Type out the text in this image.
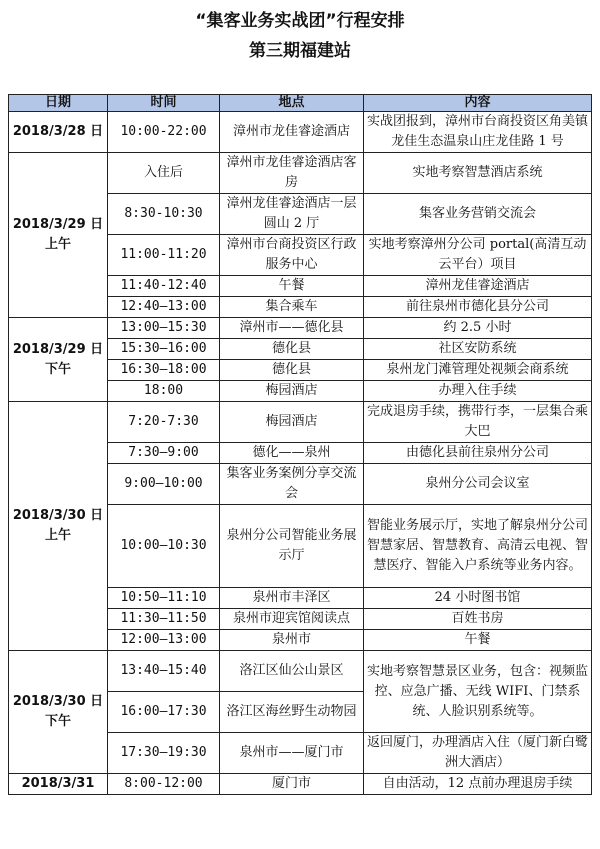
“集客业务实战团”行程安排
第三期福建站
日期	时间	地点	内容
2018/3/28 日	10:00-22:00	漳州市龙佳睿途酒店	实战团报到，漳州市台商投资区角美镇龙佳生态温泉山庄龙佳路 1 号
2018/3/29 日
上午	入住后	漳州市龙佳睿途酒店客房	实地考察智慧酒店系统
	8:30-10:30	漳州龙佳睿途酒店一层圆山 2 厅	集客业务营销交流会
	11:00-11:20	漳州市台商投资区行政服务中心	实地考察漳州分公司 portal(高清互动云平台）项目
	11:40-12:40	午餐	漳州龙佳睿途酒店
	12:40—13:00	集合乘车	前往泉州市德化县分公司
2018/3/29 日
下午	13:00—15:30	漳州市——德化县	约 2.5 小时
	15:30—16:00	德化县	社区安防系统
	16:30—18:00	德化县	泉州龙门滩管理处视频会商系统
	18:00	梅园酒店	办理入住手续
2018/3/30 日
上午	7:20-7:30	梅园酒店	完成退房手续，携带行李，一层集合乘大巴
	7:30—9:00	德化——泉州	由德化县前往泉州分公司
	9:00—10:00	集客业务案例分享交流会	泉州分公司会议室
	10:00—10:30	泉州分公司智能业务展示厅	智能业务展示厅，实地了解泉州分公司智慧家居、智慧教育、高清云电视、智慧医疗、智能入户系统等业务内容。
	10:50—11:10	泉州市丰泽区	24 小时图书馆
	11:30—11:50	泉州市迎宾馆阅读点	百姓书房
	12:00—13:00	泉州市	午餐
2018/3/30 日
下午	13:40—15:40	洛江区仙公山景区	实地考察智慧景区业务，包含：视频监控、应急广播、无线 WIFI、门禁系统、人脸识别系统等。
	16:00—17:30	洛江区海丝野生动物园	
	17:30—19:30	泉州市——厦门市	返回厦门，办理酒店入住（厦门新白鹭洲大酒店）
2018/3/31	8:00-12:00	厦门市	自由活动，12 点前办理退房手续
